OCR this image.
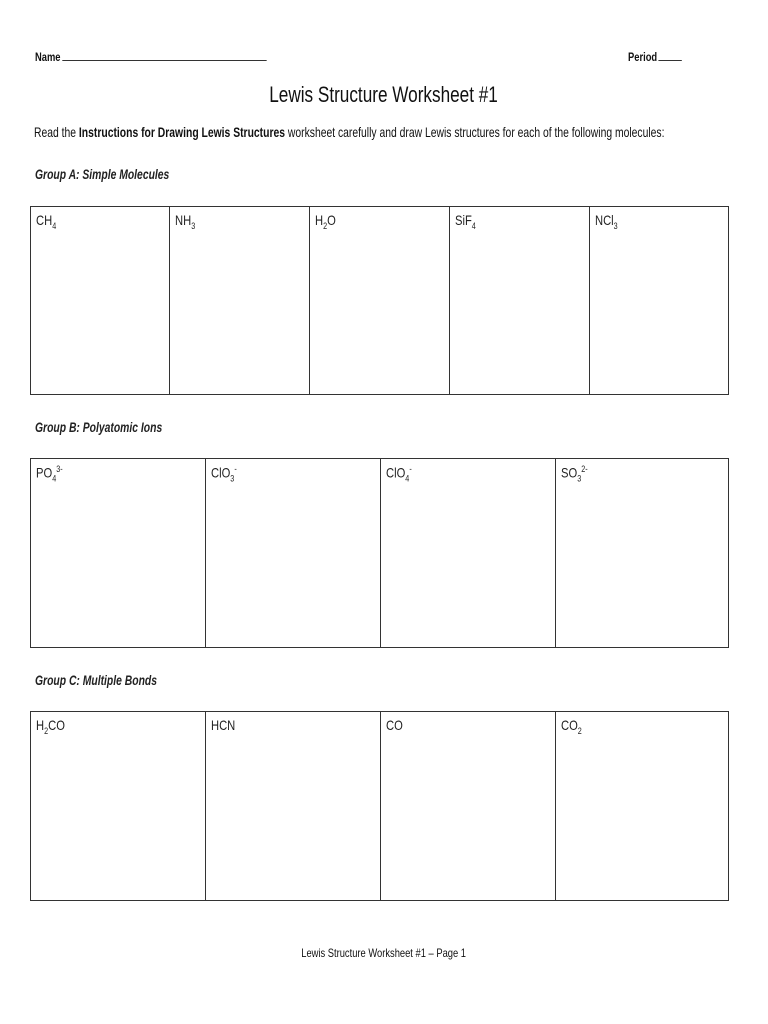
Name	Period
Lewis Structure Worksheet #1
Read the Instructions for Drawing Lewis Structures worksheet carefully and draw Lewis structures for each of the following molecules:
Group A: Simple Molecules
$CH_4$	$NH_3$	$H_2O$	SiF$_4$	NCl$_3$
Group B: Polyatomic Ions
$PO_4^{3-}$	ClO$_3$-	ClO$_4$-	$SO_3^{2-}$
Group C: Multiple Bonds
$H_2CO$	HCN	CO	$CO_2$
Lewis Structure Worksheet #1 – Page 1
